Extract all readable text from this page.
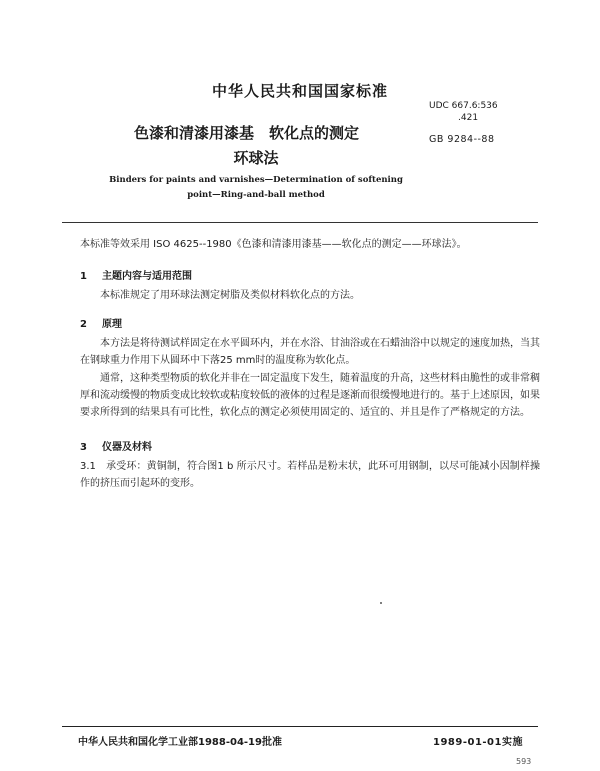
中华人民共和国国家标准
UDC 667.6:536
.421
GB 9284--88
色漆和清漆用漆基　软化点的测定
环球法
Binders for paints and varnishes—Determination of softening
point—Ring-and-ball method
本标准等效采用 ISO 4625--1980《色漆和清漆用漆基——软化点的测定——环球法》。
1 主题内容与适用范围
本标准规定了用环球法测定树脂及类似材料软化点的方法。
2 原理
本方法是将待测试样固定在水平圆环内，并在水浴、甘油浴或在石蜡油浴中以规定的速度加热，当其在钢球重力作用下从圆环中下落25 mm时的温度称为软化点。
通常，这种类型物质的软化并非在一固定温度下发生，随着温度的升高，这些材料由脆性的或非常稠厚和流动缓慢的物质变成比较软或粘度较低的液体的过程是逐渐而很缓慢地进行的。基于上述原因，如果要求所得到的结果具有可比性，软化点的测定必须使用固定的、适宜的、并且是作了严格规定的方法。
3 仪器及材料
3.1　承受环：黄铜制，符合图1 b 所示尺寸。若样品是粉末状，此环可用钢制，以尽可能减小因制样操作的挤压而引起环的变形。
中华人民共和国化学工业部1988-04-19批准	1989-01-01实施
593
